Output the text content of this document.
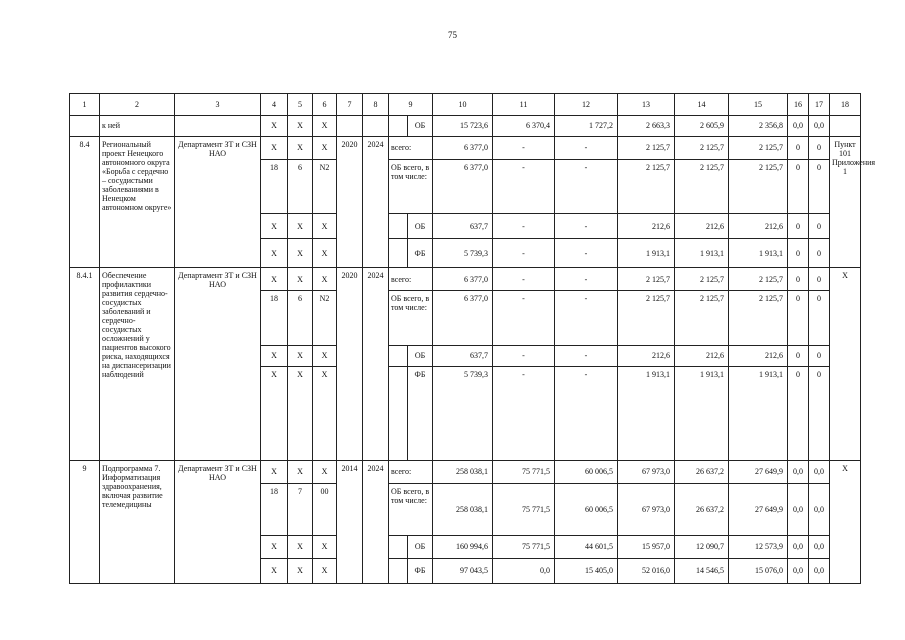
75
1	2	3	4	5	6	7	8	9		10	11	12	13	14	15	16	17	18
	к ней		X	X	X				ОБ	15 723,6	6 370,4	1 727,2	2 663,3	2 605,9	2 356,8	0,0	0,0	
8.4	Региональный проект Ненецкого автономного округа «Борьба с сердечно – сосудистыми заболеваниями в Ненецком автономном округе»	Департамент ЗТ и СЗН НАО	X	X	X	2020	2024	всего:		6 377,0	-	-	2 125,7	2 125,7	2 125,7	0	0	Пункт 101 Приложения 1
			18	6	N2			ОБ всего, в том числе:		6 377,0	-	-	2 125,7	2 125,7	2 125,7	0	0	
			X	X	X				ОБ	637,7	-	-	212,6	212,6	212,6	0	0	
			X	X	X				ФБ	5 739,3	-	-	1 913,1	1 913,1	1 913,1	0	0	
8.4.1	Обеспечение профилактики развития сердечно-сосудистых заболеваний и сердечно-сосудистых осложнений у пациентов высокого риска, находящихся на диспансеризации наблюдений	Департамент ЗТ и СЗН НАО	X	X	X	2020	2024	всего:		6 377,0	-	-	2 125,7	2 125,7	2 125,7	0	0	X
			18	6	N2			ОБ всего, в том числе:		6 377,0	-	-	2 125,7	2 125,7	2 125,7	0	0	
			X	X	X				ОБ	637,7	-	-	212,6	212,6	212,6	0	0	
			X	X	X				ФБ	5 739,3	-	-	1 913,1	1 913,1	1 913,1	0	0	
9	Подпрограмма 7. Информатизация здравоохранения, включая развитие телемедицины	Департамент ЗТ и СЗН НАО	X	X	X	2014	2024	всего:		258 038,1	75 771,5	60 006,5	67 973,0	26 637,2	27 649,9	0,0	0,0	X
			18	7	00			ОБ всего, в том числе:		258 038,1	75 771,5	60 006,5	67 973,0	26 637,2	27 649,9	0,0	0,0	
			X	X	X				ОБ	160 994,6	75 771,5	44 601,5	15 957,0	12 090,7	12 573,9	0,0	0,0	
			X	X	X				ФБ	97 043,5	0,0	15 405,0	52 016,0	14 546,5	15 076,0	0,0	0,0	
